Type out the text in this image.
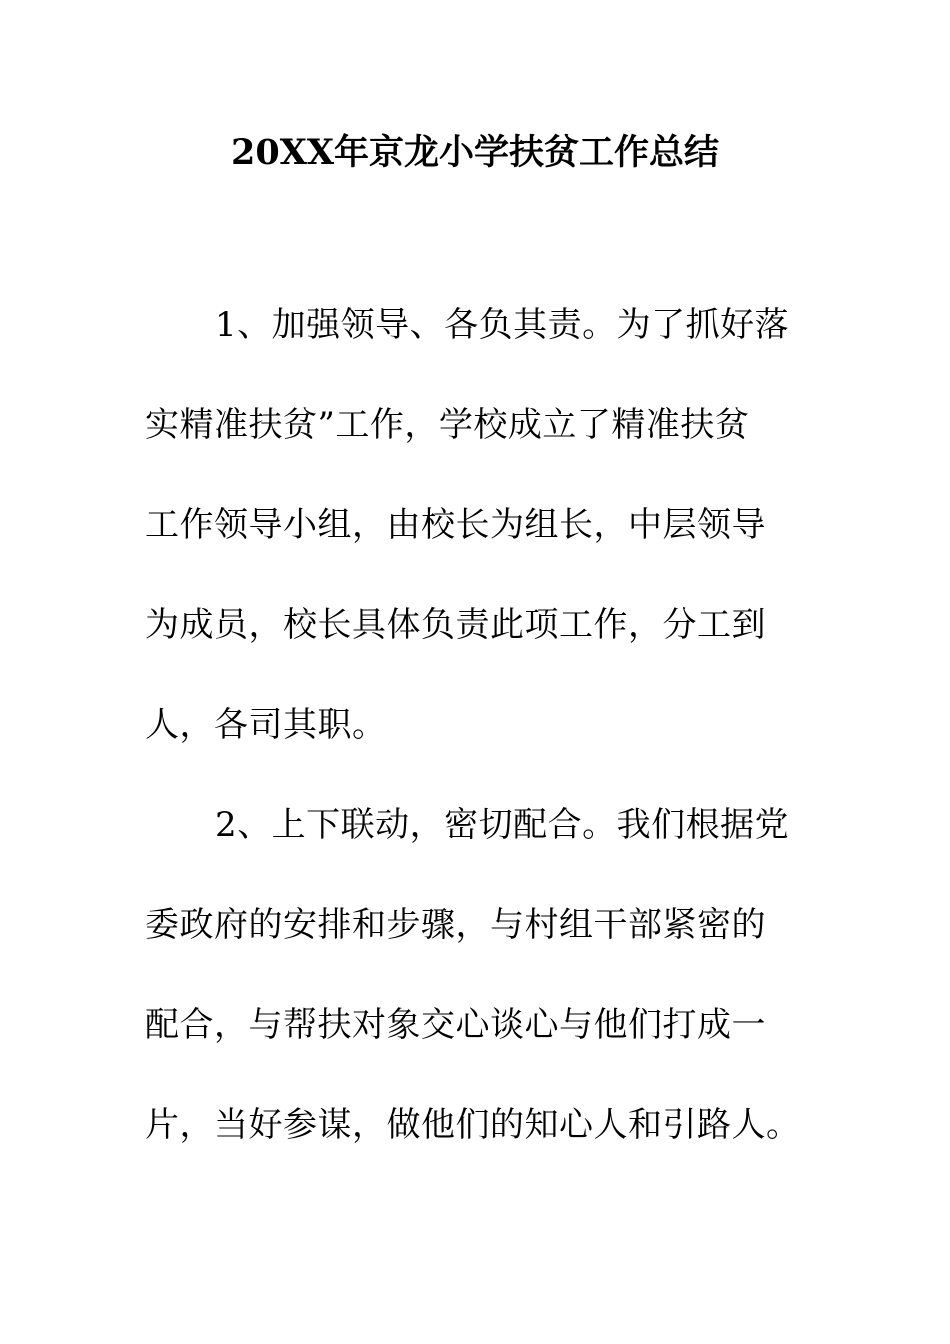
20XX年京龙小学扶贫工作总结
1、加强领导、各负其责。为了抓好落
实精准扶贫”工作，学校成立了精准扶贫
工作领导小组，由校长为组长，中层领导
为成员，校长具体负责此项工作，分工到
人，各司其职。
2、上下联动，密切配合。我们根据党
委政府的安排和步骤，与村组干部紧密的
配合，与帮扶对象交心谈心与他们打成一
片，当好参谋，做他们的知心人和引路人。
